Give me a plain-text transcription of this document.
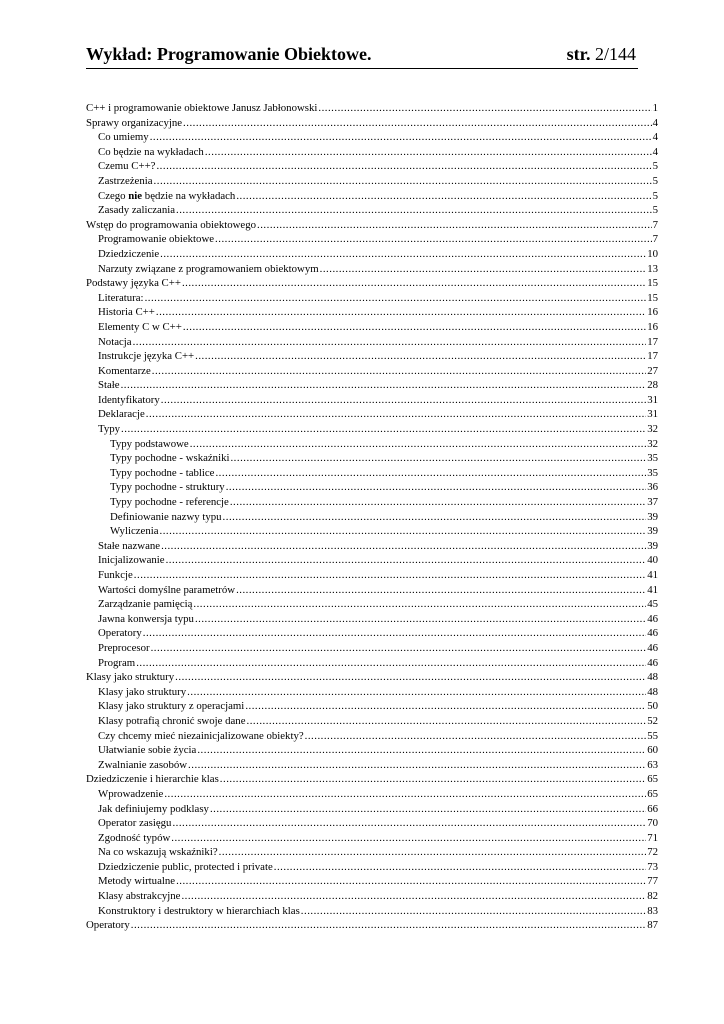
Wykład: Programowanie Obiektowe.	str. 2/144
C++ i programowanie obiektowe Janusz Jabłonowski .....	1
Sprawy organizacyjne .....	4
Co umiemy .....	4
Co będzie na wykładach .....	4
Czemu C++? .....	5
Zastrzeżenia .....	5
Czego nie będzie na wykładach .....	5
Zasady zaliczania .....	5
Wstęp do programowania obiektowego .....	7
Programowanie obiektowe .....	7
Dziedziczenie .....	10
Narzuty związane z programowaniem obiektowym .....	13
Podstawy języka C++ .....	15
Literatura: .....	15
Historia C++ .....	16
Elementy C w C++ .....	16
Notacja .....	17
Instrukcje języka C++ .....	17
Komentarze .....	27
Stałe .....	28
Identyfikatory .....	31
Deklaracje .....	31
Typy .....	32
Typy podstawowe .....	32
Typy pochodne - wskaźniki .....	35
Typy pochodne - tablice .....	35
Typy pochodne - struktury .....	36
Typy pochodne - referencje .....	37
Definiowanie nazwy typu .....	39
Wyliczenia .....	39
Stałe nazwane .....	39
Inicjalizowanie .....	40
Funkcje .....	41
Wartości domyślne parametrów .....	41
Zarządzanie pamięcią .....	45
Jawna konwersja typu .....	46
Operatory .....	46
Preprocesor .....	46
Program .....	46
Klasy jako struktury .....	48
Klasy jako struktury .....	48
Klasy jako struktury z operacjami .....	50
Klasy potrafią chronić swoje dane .....	52
Czy chcemy mieć niezainicjalizowane obiekty? .....	55
Ułatwianie sobie życia .....	60
Zwalnianie zasobów .....	63
Dziedziczenie i hierarchie klas .....	65
Wprowadzenie .....	65
Jak definiujemy podklasy .....	66
Operator zasięgu .....	70
Zgodność typów .....	71
Na co wskazują wskaźniki? .....	72
Dziedziczenie public, protected i private .....	73
Metody wirtualne .....	77
Klasy abstrakcyjne .....	82
Konstruktory i destruktory w hierarchiach klas .....	83
Operatory .....	87
